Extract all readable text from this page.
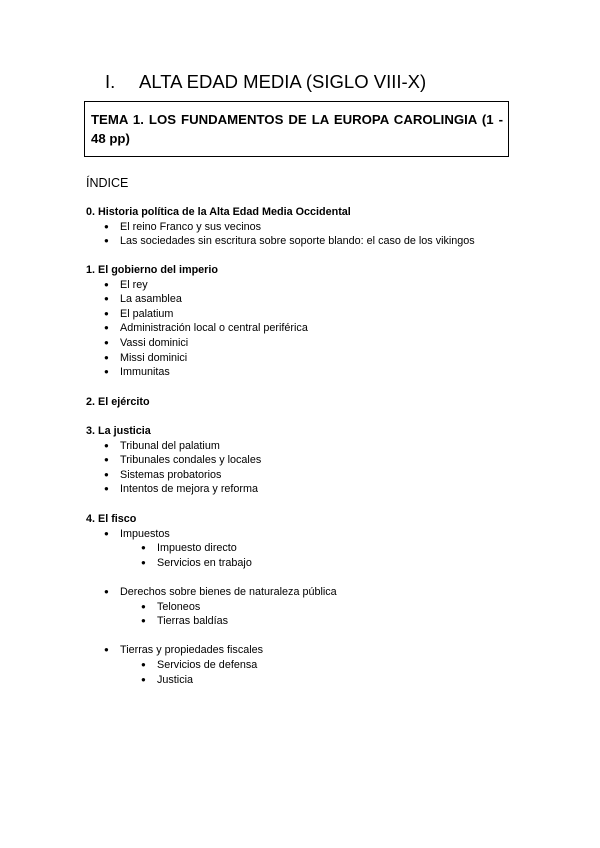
I. ALTA EDAD MEDIA (SIGLO VIII-X)
TEMA 1. LOS FUNDAMENTOS DE LA EUROPA CAROLINGIA (1 - 48 pp)
ÍNDICE
0. Historia política de la Alta Edad Media Occidental
● El reino Franco y sus vecinos
● Las sociedades sin escritura sobre soporte blando: el caso de los vikingos
1. El gobierno del imperio
● El rey
● La asamblea
● El palatium
● Administración local o central periférica
● Vassi dominici
● Missi dominici
● Immunitas
2. El ejército
3. La justicia
● Tribunal del palatium
● Tribunales condales y locales
● Sistemas probatorios
● Intentos de mejora y reforma
4. El fisco
● Impuestos
● Impuesto directo
● Servicios en trabajo
● Derechos sobre bienes de naturaleza pública
● Teloneos
● Tierras baldías
● Tierras y propiedades fiscales
● Servicios de defensa
● Justicia
